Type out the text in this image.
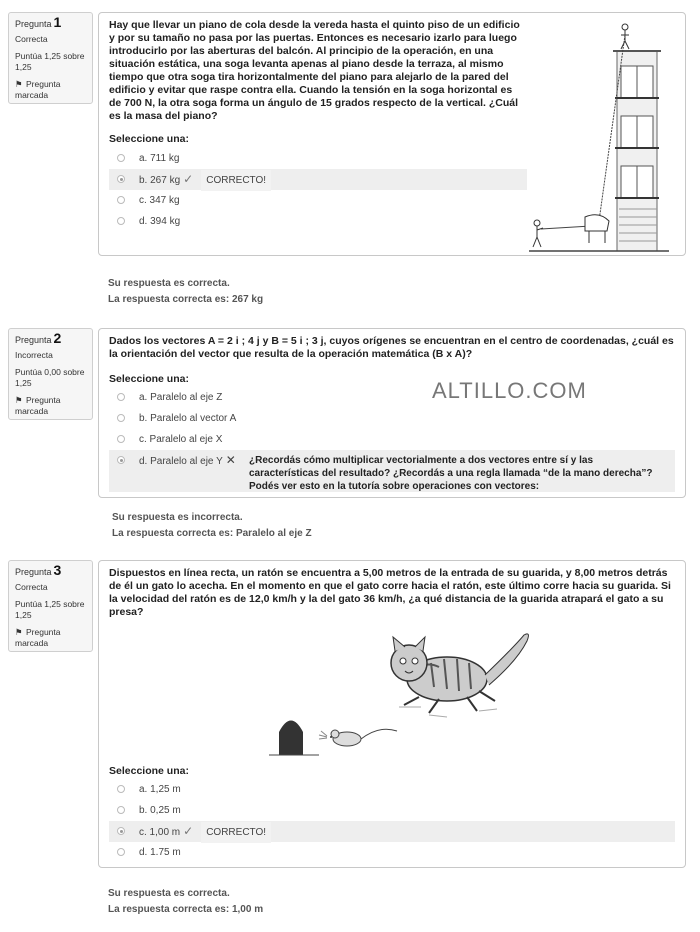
Pregunta 1
Correcta
Puntúa 1,25 sobre 1,25
⚑ Pregunta marcada
Hay que llevar un piano de cola desde la vereda hasta el quinto piso de un edificio y por su tamaño no pasa por las puertas. Entonces es necesario izarlo para luego introducirlo por las aberturas del balcón. Al principio de la operación, en una situación estática, una soga levanta apenas al piano desde la terraza, al mismo tiempo que otra soga tira horizontalmente del piano para alejarlo de la pared del edificio y evitar que raspe contra ella. Cuando la tensión en la soga horizontal es de 700 N, la otra soga forma un ángulo de 15 grados respecto de la vertical. ¿Cuál es la masa del piano?
Seleccione una:
a. 711 kg
b. 267 kg ✓ CORRECTO!
c. 347 kg
d. 394 kg
Su respuesta es correcta.
La respuesta correcta es: 267 kg
Pregunta 2
Incorrecta
Puntúa 0,00 sobre 1,25
⚑ Pregunta marcada
Dados los vectores A = 2 i ; 4 j y B = 5 i ; 3 j, cuyos orígenes se encuentran en el centro de coordenadas, ¿cuál es la orientación del vector que resulta de la operación matemática (B x A)?
Seleccione una:
a. Paralelo al eje Z
b. Paralelo al vector A
c. Paralelo al eje X
d. Paralelo al eje Y ✕ ¿Recordás cómo multiplicar vectorialmente a dos vectores entre sí y las características del resultado? ¿Recordás a una regla llamada “de la mano derecha”? Podés ver esto en la tutoría sobre operaciones con vectores:
ALTILLO.COM
Su respuesta es incorrecta.
La respuesta correcta es: Paralelo al eje Z
Pregunta 3
Correcta
Puntúa 1,25 sobre 1,25
⚑ Pregunta marcada
Dispuestos en línea recta, un ratón se encuentra a 5,00 metros de la entrada de su guarida, y 8,00 metros detrás de él un gato lo acecha. En el momento en que el gato corre hacia el ratón, este último corre hacia su guarida. Si la velocidad del ratón es de 12,0 km/h y la del gato 36 km/h, ¿a qué distancia de la guarida atrapará el gato a su presa?
Seleccione una:
a. 1,25 m
b. 0,25 m
c. 1,00 m ✓ CORRECTO!
d. 1.75 m
Su respuesta es correcta.
La respuesta correcta es: 1,00 m
